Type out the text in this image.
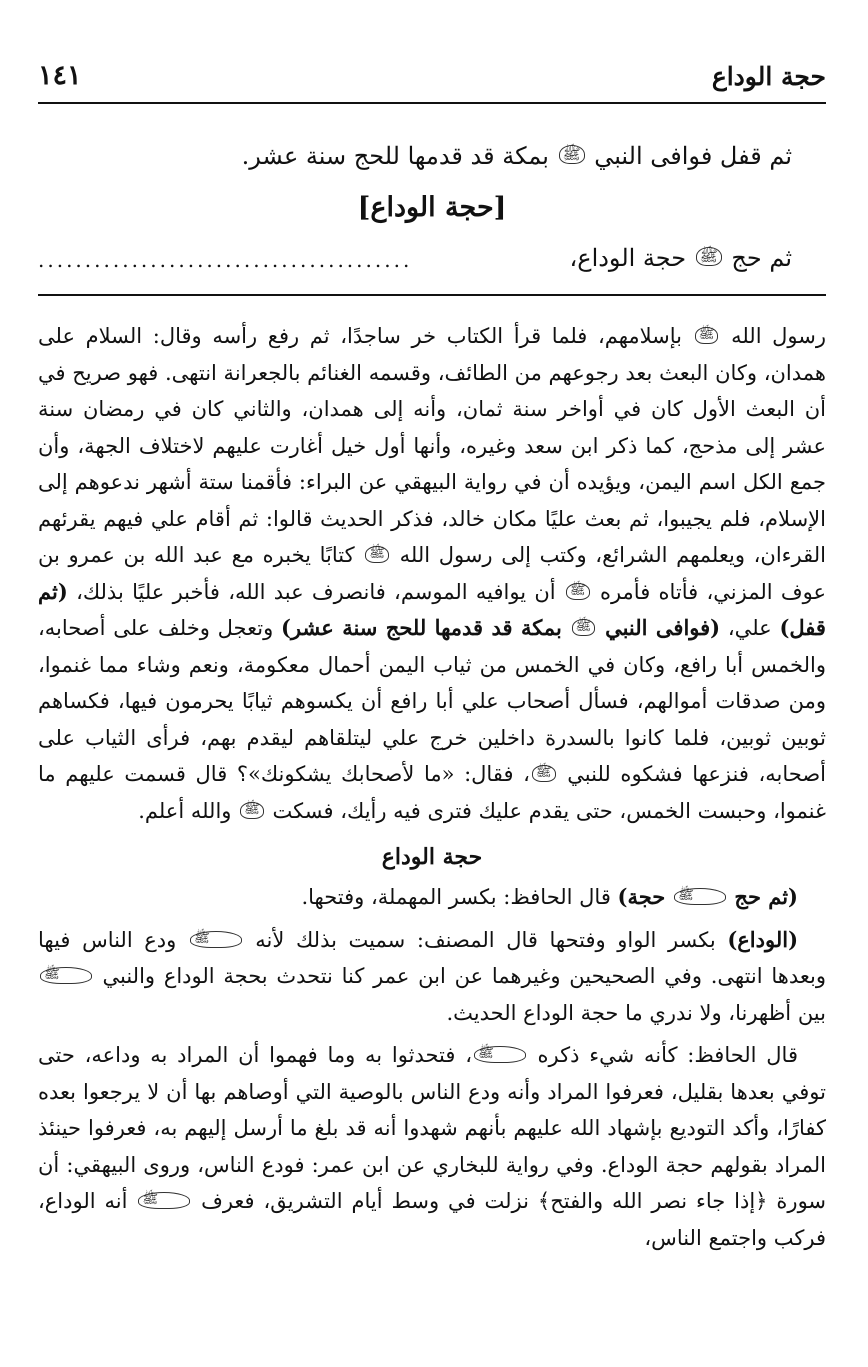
حجة الوداع
١٤١
ثم قفل فوافى النبي ﷺ بمكة قد قدمها للحج سنة عشر.
[حجة الوداع]
ثم حج ﷺ حجة الوداع،
........................................

رسول الله ﷺ بإسلامهم، فلما قرأ الكتاب خر ساجدًا، ثم رفع رأسه وقال: السلام على همدان، وكان البعث بعد رجوعهم من الطائف، وقسمه الغنائم بالجعرانة انتهى. فهو صريح في أن البعث الأول كان في أواخر سنة ثمان، وأنه إلى همدان، والثاني كان في رمضان سنة عشر إلى مذحج، كما ذكر ابن سعد وغيره، وأنها أول خيل أغارت عليهم لاختلاف الجهة، وأن جمع الكل اسم اليمن، ويؤيده أن في رواية البيهقي عن البراء: فأقمنا ستة أشهر ندعوهم إلى الإسلام، فلم يجيبوا، ثم بعث عليًا مكان خالد، فذكر الحديث قالوا: ثم أقام علي فيهم يقرئهم القرءان، ويعلمهم الشرائع، وكتب إلى رسول الله ﷺ كتابًا يخبره مع عبد الله بن عمرو بن عوف المزني، فأتاه فأمره ﷺ أن يوافيه الموسم، فانصرف عبد الله، فأخبر عليًا بذلك، (ثم قفل) علي، (فوافى النبي ﷺ بمكة قد قدمها للحج سنة عشر) وتعجل وخلف على أصحابه، والخمس أبا رافع، وكان في الخمس من ثياب اليمن أحمال معكومة، ونعم وشاء مما غنموا، ومن صدقات أموالهم، فسأل أصحاب علي أبا رافع أن يكسوهم ثيابًا يحرمون فيها، فكساهم ثوبين ثوبين، فلما كانوا بالسدرة داخلين خرج علي ليتلقاهم ليقدم بهم، فرأى الثياب على أصحابه، فنزعها فشكوه للنبي ﷺ، فقال: «ما لأصحابك يشكونك»؟ قال قسمت عليهم ما غنموا، وحبست الخمس، حتى يقدم عليك فترى فيه رأيك، فسكت ﷺ والله أعلم.

حجة الوداع

(ثم حج ﷺ حجة) قال الحافظ: بكسر المهملة، وفتحها.

(الوداع) بكسر الواو وفتحها قال المصنف: سميت بذلك لأنه ﷺ ودع الناس فيها وبعدها انتهى. وفي الصحيحين وغيرهما عن ابن عمر كنا نتحدث بحجة الوداع والنبي ﷺ بين أظهرنا، ولا ندري ما حجة الوداع الحديث.

قال الحافظ: كأنه شيء ذكره ﷺ، فتحدثوا به وما فهموا أن المراد به وداعه، حتى توفي بعدها بقليل، فعرفوا المراد وأنه ودع الناس بالوصية التي أوصاهم بها أن لا يرجعوا بعده كفارًا، وأكد التوديع بإشهاد الله عليهم بأنهم شهدوا أنه قد بلغ ما أرسل إليهم به، فعرفوا حينئذ المراد بقولهم حجة الوداع. وفي رواية للبخاري عن ابن عمر: فودع الناس، وروى البيهقي: أن سورة ﴿إذا جاء نصر الله والفتح﴾ نزلت في وسط أيام التشريق، فعرف ﷺ أنه الوداع، فركب واجتمع الناس،
